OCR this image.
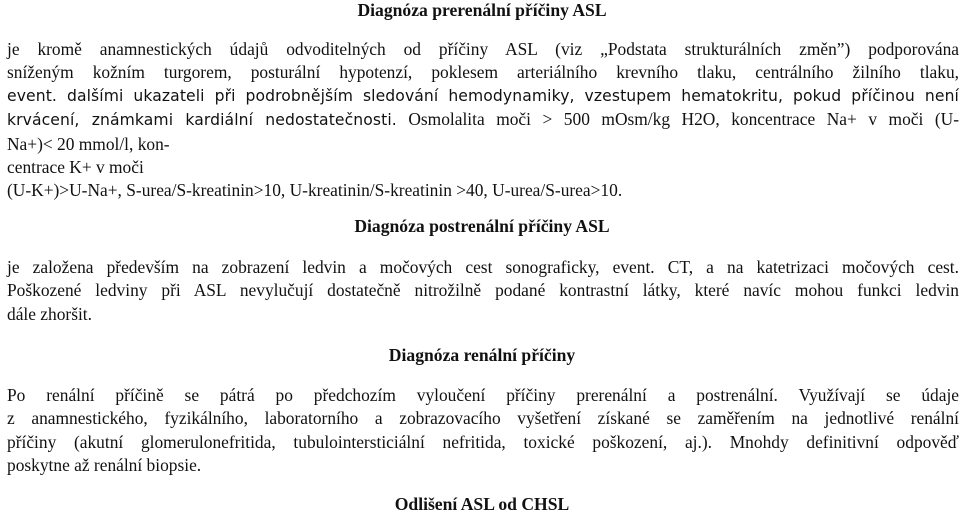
Diagnóza prerenální příčiny ASL
je kromě anamnestických údajů odvoditelných od příčiny ASL (viz „Podstata strukturálních změn”) podporována
sníženým kožním turgorem, posturální hypotenzí, poklesem arteriálního krevního tlaku, centrálního žilního tlaku,
event. dalšími ukazateli při podrobnějším sledování hemodynamiky, vzestupem hematokritu, pokud příčinou není
krvácení, známkami kardiální nedostatečnosti. Osmolalita moči > 500 mOsm/kg H2O, koncentrace Na+ v moči (U-
Na+)< 20 mmol/l, kon-
centrace K+ v moči
(U-K+)>U-Na+, S-urea/S-kreatinin>10, U-kreatinin/S-kreatinin >40, U-urea/S-urea>10.
Diagnóza postrenální příčiny ASL
je založena především na zobrazení ledvin a močových cest sonograficky, event. CT, a na katetrizaci močových cest.
Poškozené ledviny při ASL nevylučují dostatečně nitrožilně podané kontrastní látky, které navíc mohou funkci ledvin
dále zhoršit.
Diagnóza renální příčiny
Po renální příčině se pátrá po předchozím vyloučení příčiny prerenální a postrenální. Využívají se údaje
z anamnestického, fyzikálního, laboratorního a zobrazovacího vyšetření získané se zaměřením na jednotlivé renální
příčiny (akutní glomerulonefritida, tubulointersticiální nefritida, toxické poškození, aj.). Mnohdy definitivní odpověď
poskytne až renální biopsie.
Odlišení ASL od CHSL
